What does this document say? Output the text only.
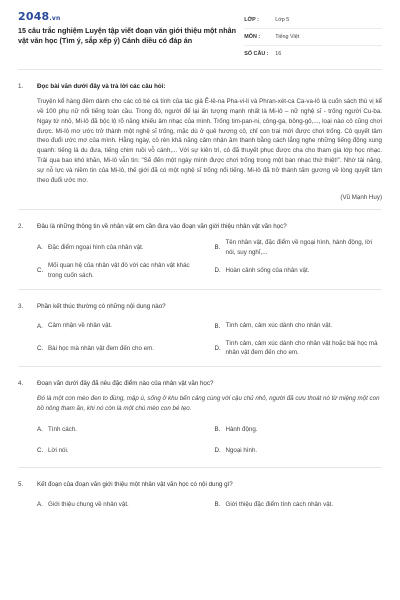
2048.vn
15 câu trắc nghiệm Luyện tập viết đoạn văn giới thiệu một nhân vật văn học (Tìm ý, sắp xếp ý) Cánh diều có đáp án
LỚP :	Lớp 5
MÔN :	Tiếng Việt
SỐ CÂU :	16
1.	Đọc bài văn dưới đây và trả lời các câu hỏi:

Truyện kể hàng đêm dành cho các cô bé cá tính của tác giả Ê-lê-na Pha-vi-li và Phran-xét-ca Ca-va-lô là cuốn sách thú vị kể về 100 phụ nữ nổi tiếng toàn cầu. Trong đó, người để lại ấn tượng mạnh nhất là Mi-lô – nữ nghệ sĩ - trống người Cu-ba. Ngay từ nhỏ, Mi-lô đã bộc lộ rõ năng khiếu âm nhạc của mình. Trống tim-pan-ni, công-ga, bông-gô,..., loại nào cô cũng chơi được. Mi-lô mơ ước trở thành một nghệ sĩ trống, mặc dù ở quê hương cô, chỉ con trai mới được chơi trống. Cô quyết tâm theo đuổi ước mơ của mình. Hằng ngày, cô rèn khả năng cảm nhận âm thanh bằng cách lắng nghe những tiếng động xung quanh: tiếng lá du đưa, tiếng chim ruồi vỗ cánh,... Với sự kiên trì, cô đã thuyết phục được cha cho tham gia lớp học nhạc. Trải qua bao khó khăn, Mi-lô vẫn tin: "Sẽ đến một ngày mình được chơi trống trong một ban nhạc thứ thiệt!". Nhờ tài năng, sự nỗ lực và niềm tin của Mi-lô, thế giới đã có một nghệ sĩ trống nổi tiếng. Mi-lô đã trở thành tấm gương về lòng quyết tâm theo đuổi ước mơ.

(Vũ Mạnh Huy)

2.	Đâu là những thông tin về nhân vật em cần đưa vào đoạn văn giới thiệu nhân vật văn học?
A. Đặc điểm ngoại hình của nhân vật.	B.
Tên nhân vật, đặc điểm về ngoại hình, hành động, lời nói, suy nghĩ,...
C.
Mối quan hệ của nhân vật đó với các nhân vật khác trong cuốn sách.
D. Hoàn cảnh sống của nhân vật.
3.	Phần kết thúc thường có những nội dung nào?
A. Cảm nhận về nhân vật.	B. Tình cảm, cảm xúc dành cho nhân vật.
C. Bài học mà nhân vật đem đến cho em.	D.
Tình cảm, cảm xúc dành cho nhân vật hoặc bài học mà nhân vật đem đến cho em.
4.	Đoạn văn dưới đây đã nêu đặc điểm nào của nhân vật văn học?

Đó là một con mèo đen to đùng, mập ú, sống ở khu bến cảng cùng với cậu chủ nhỏ, người đã cưu thoát nó từ miệng một con bồ nông tham ăn, khi nó còn là một chú mèo con bé tẹo.

A. Tính cách.	B. Hành động.
C. Lời nói.	D. Ngoại hình.
5.	Kết đoạn của đoạn văn giới thiệu một nhân vật văn học có nội dung gì?
A. Giới thiệu chung về nhân vật.	B. Giới thiệu đặc điểm tính cách nhân vật.
